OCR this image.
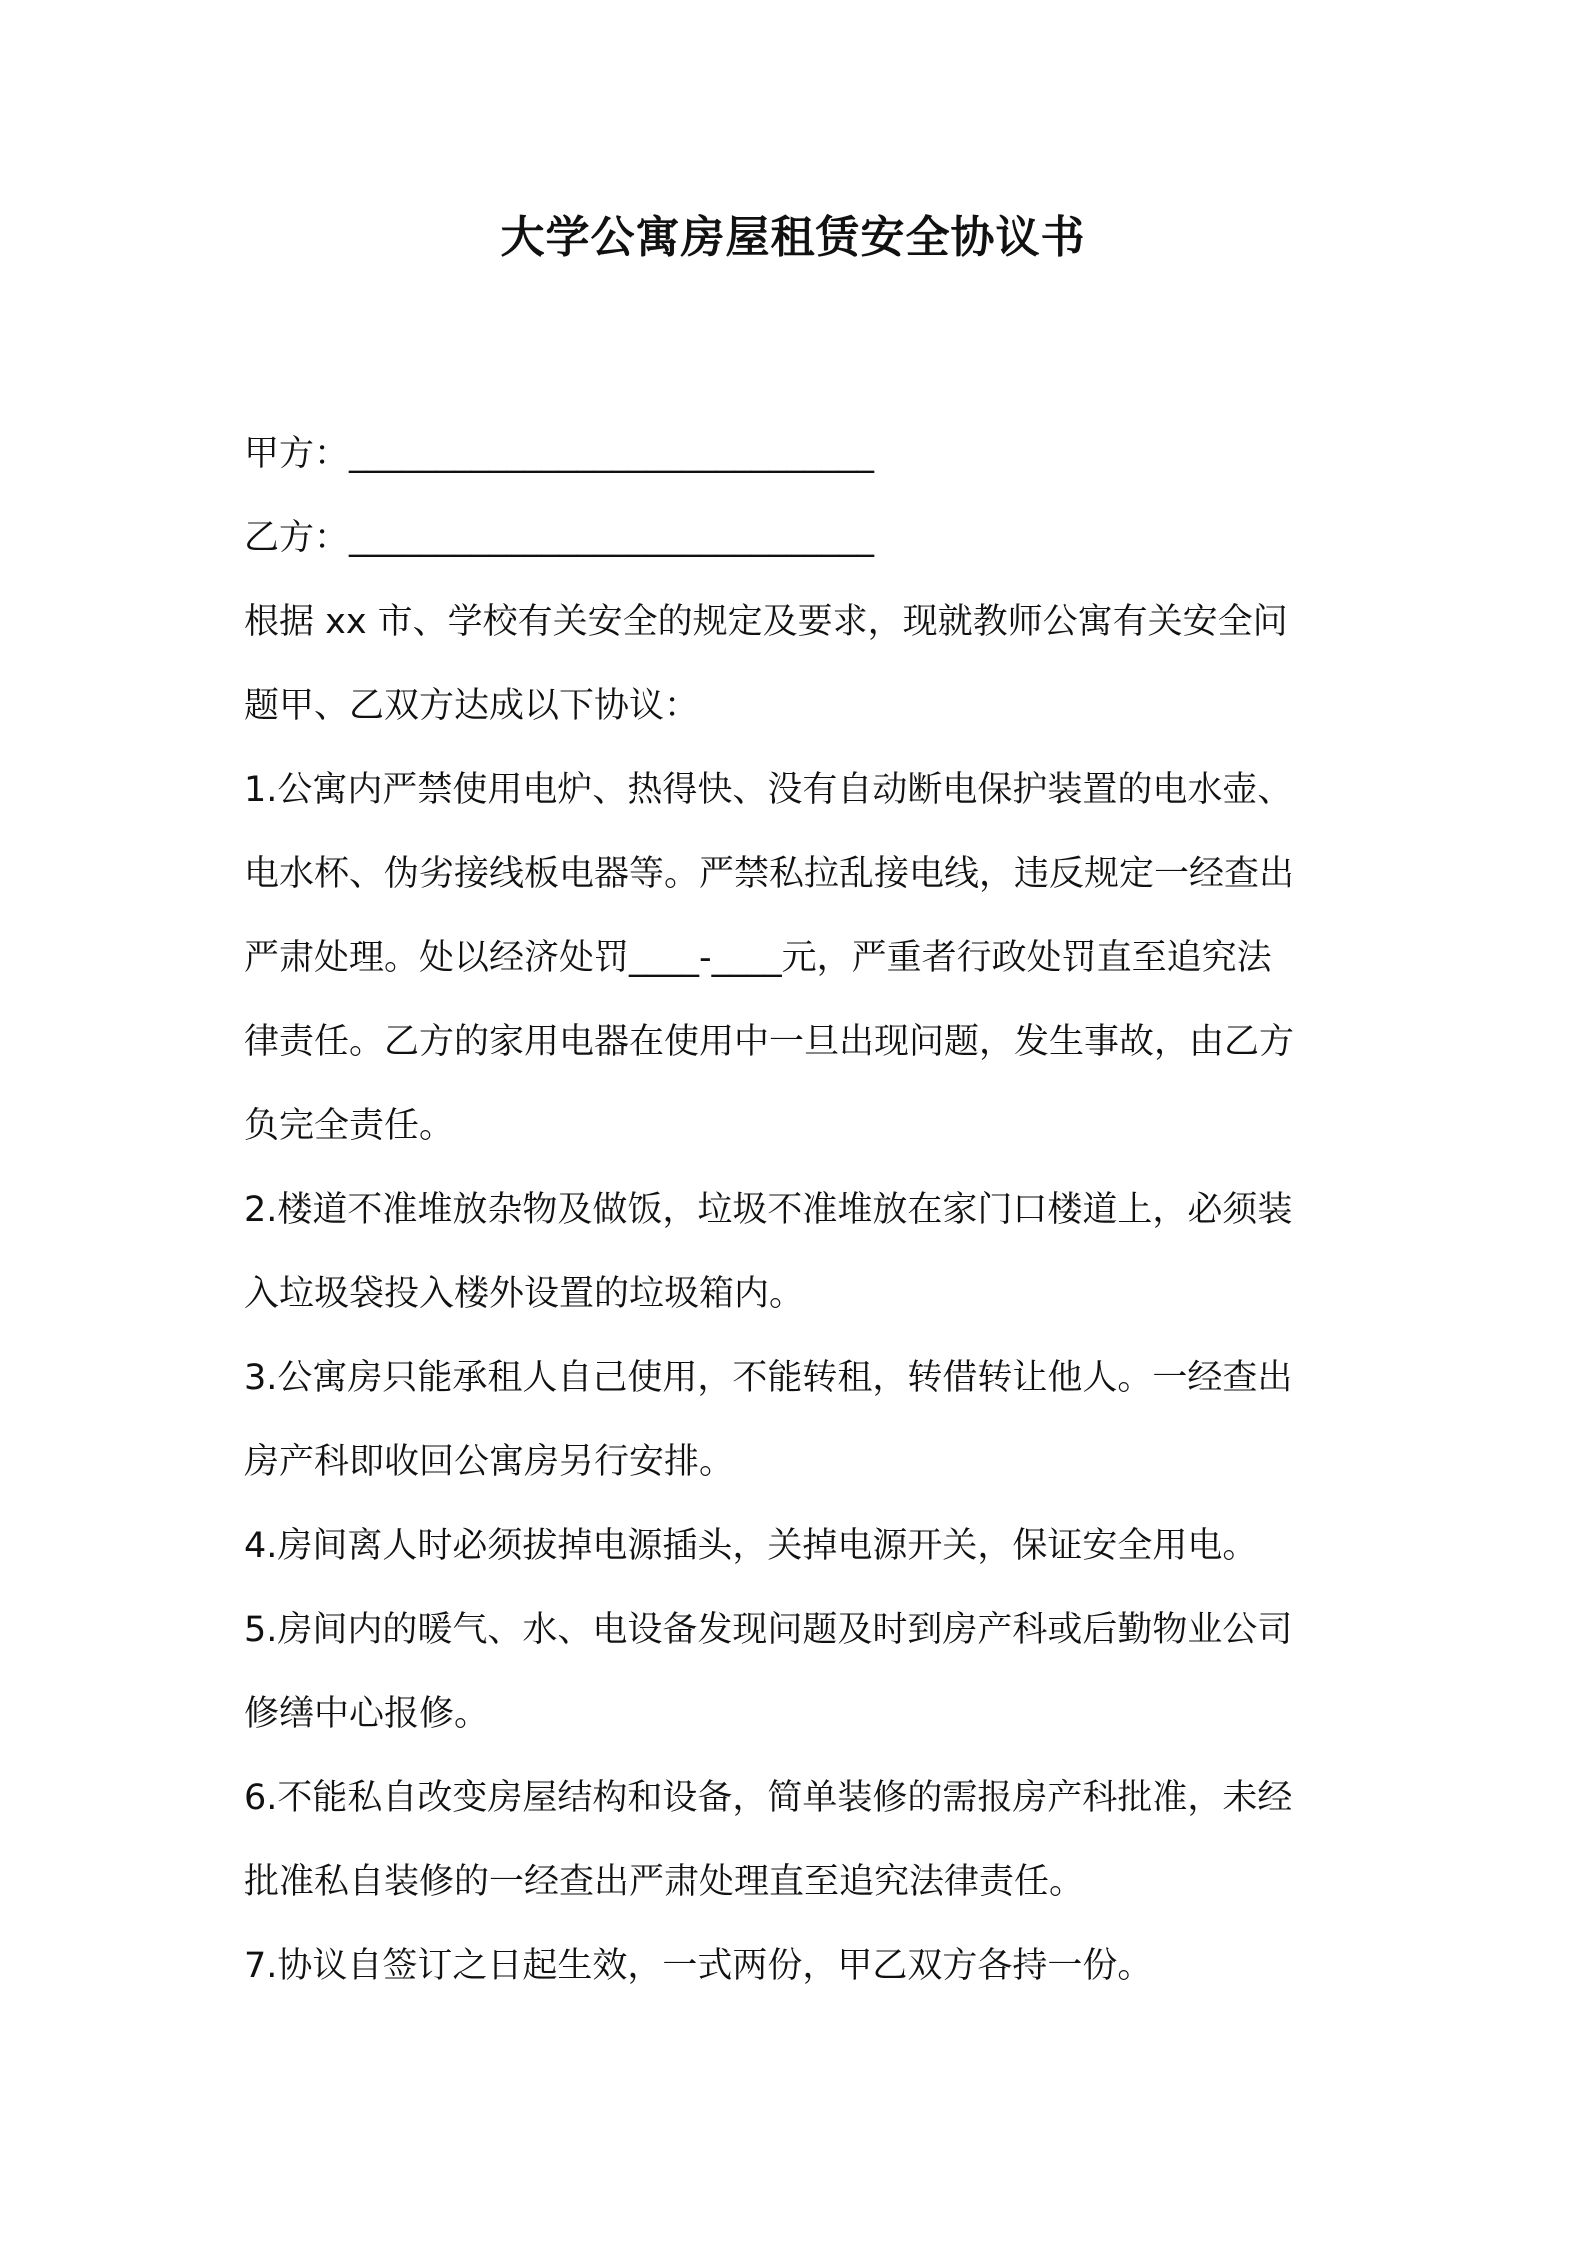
大学公寓房屋租赁安全协议书
甲方：______________________________
乙方：______________________________
根据 xx 市、学校有关安全的规定及要求，现就教师公寓有关安全问
题甲、乙双方达成以下协议：
1.公寓内严禁使用电炉、热得快、没有自动断电保护装置的电水壶、
电水杯、伪劣接线板电器等。严禁私拉乱接电线，违反规定一经查出
严肃处理。处以经济处罚____-____元，严重者行政处罚直至追究法
律责任。乙方的家用电器在使用中一旦出现问题，发生事故，由乙方
负完全责任。
2.楼道不准堆放杂物及做饭，垃圾不准堆放在家门口楼道上，必须装
入垃圾袋投入楼外设置的垃圾箱内。
3.公寓房只能承租人自己使用，不能转租，转借转让他人。一经查出
房产科即收回公寓房另行安排。
4.房间离人时必须拔掉电源插头，关掉电源开关，保证安全用电。
5.房间内的暖气、水、电设备发现问题及时到房产科或后勤物业公司
修缮中心报修。
6.不能私自改变房屋结构和设备，简单装修的需报房产科批准，未经
批准私自装修的一经查出严肃处理直至追究法律责任。
7.协议自签订之日起生效，一式两份，甲乙双方各持一份。
